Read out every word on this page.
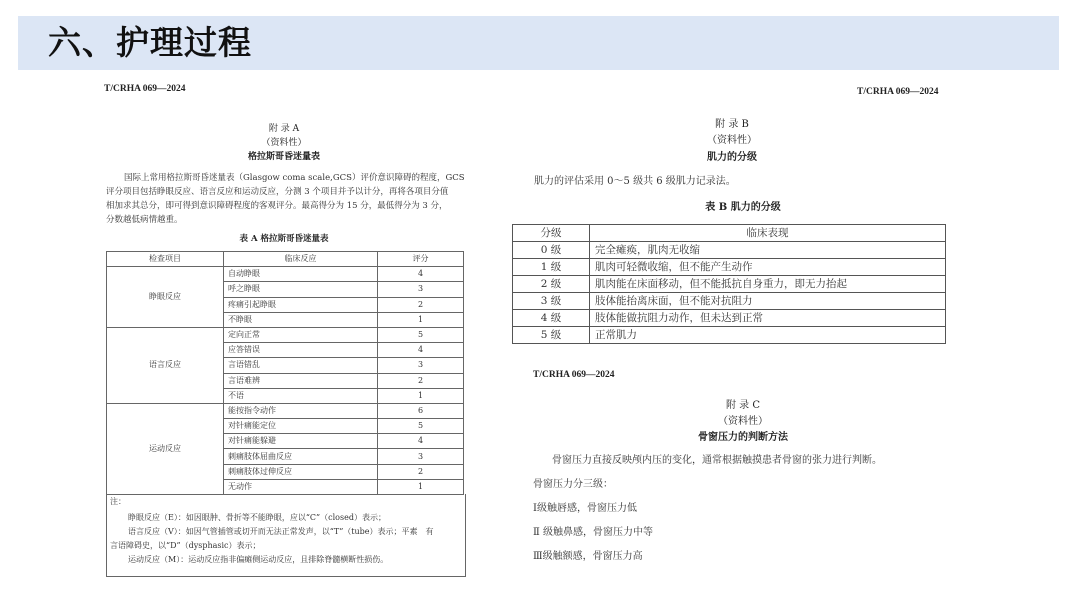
六、护理过程
T/CRHA 069—2024
附 录 A
（资料性）
格拉斯哥昏迷量表
国际上常用格拉斯哥昏迷量表（Glasgow coma scale,GCS）评价意识障碍的程度，GCS
评分项目包括睁眼反应、语言反应和运动反应，分测 3 个项目并予以计分，再将各项目分值
相加求其总分，即可得到意识障碍程度的客观评分。最高得分为 15 分，最低得分为 3 分，
分数越低病情越重。
表 A 格拉斯哥昏迷量表
检查项目	临床反应	评分
睁眼反应	自动睁眼	4
	呼之睁眼	3
	疼痛引起睁眼	2
	不睁眼	1
语言反应	定向正常	5
	应答错误	4
	言语错乱	3
	言语难辨	2
	不语	1
运动反应	能按指令动作	6
	对针痛能定位	5
	对针痛能躲避	4
	刺痛肢体屈曲反应	3
	刺痛肢体过伸反应	2
	无动作	1
注：
睁眼反应（E）：如因眼肿、骨折等不能睁眼，应以“C”（closed）表示；
语言反应（V）：如因气管插管或切开而无法正常发声，以“T”（tube）表示；平素　有
言语障碍史，以“D”（dysphasic）表示；
运动反应（M）：运动反应指非偏瘫侧运动反应，且排除脊髓横断性损伤。
T/CRHA 069—2024
附 录 B
（资料性）
肌力的分级
肌力的评估采用 0～5 级共 6 级肌力记录法。
表 B 肌力的分级
分级	临床表现
0 级	完全瘫痪，肌肉无收缩
1 级	肌肉可轻微收缩，但不能产生动作
2 级	肌肉能在床面移动，但不能抵抗自身重力，即无力抬起
3 级	肢体能抬离床面，但不能对抗阻力
4 级	肢体能做抗阻力动作，但未达到正常
5 级	正常肌力
T/CRHA 069—2024
附 录 C
（资料性）
骨窗压力的判断方法
骨窗压力直接反映颅内压的变化，通常根据触摸患者骨窗的张力进行判断。
骨窗压力分三级：
Ⅰ级触唇感，骨窗压力低
Ⅱ 级触鼻感，骨窗压力中等
Ⅲ级触额感，骨窗压力高
